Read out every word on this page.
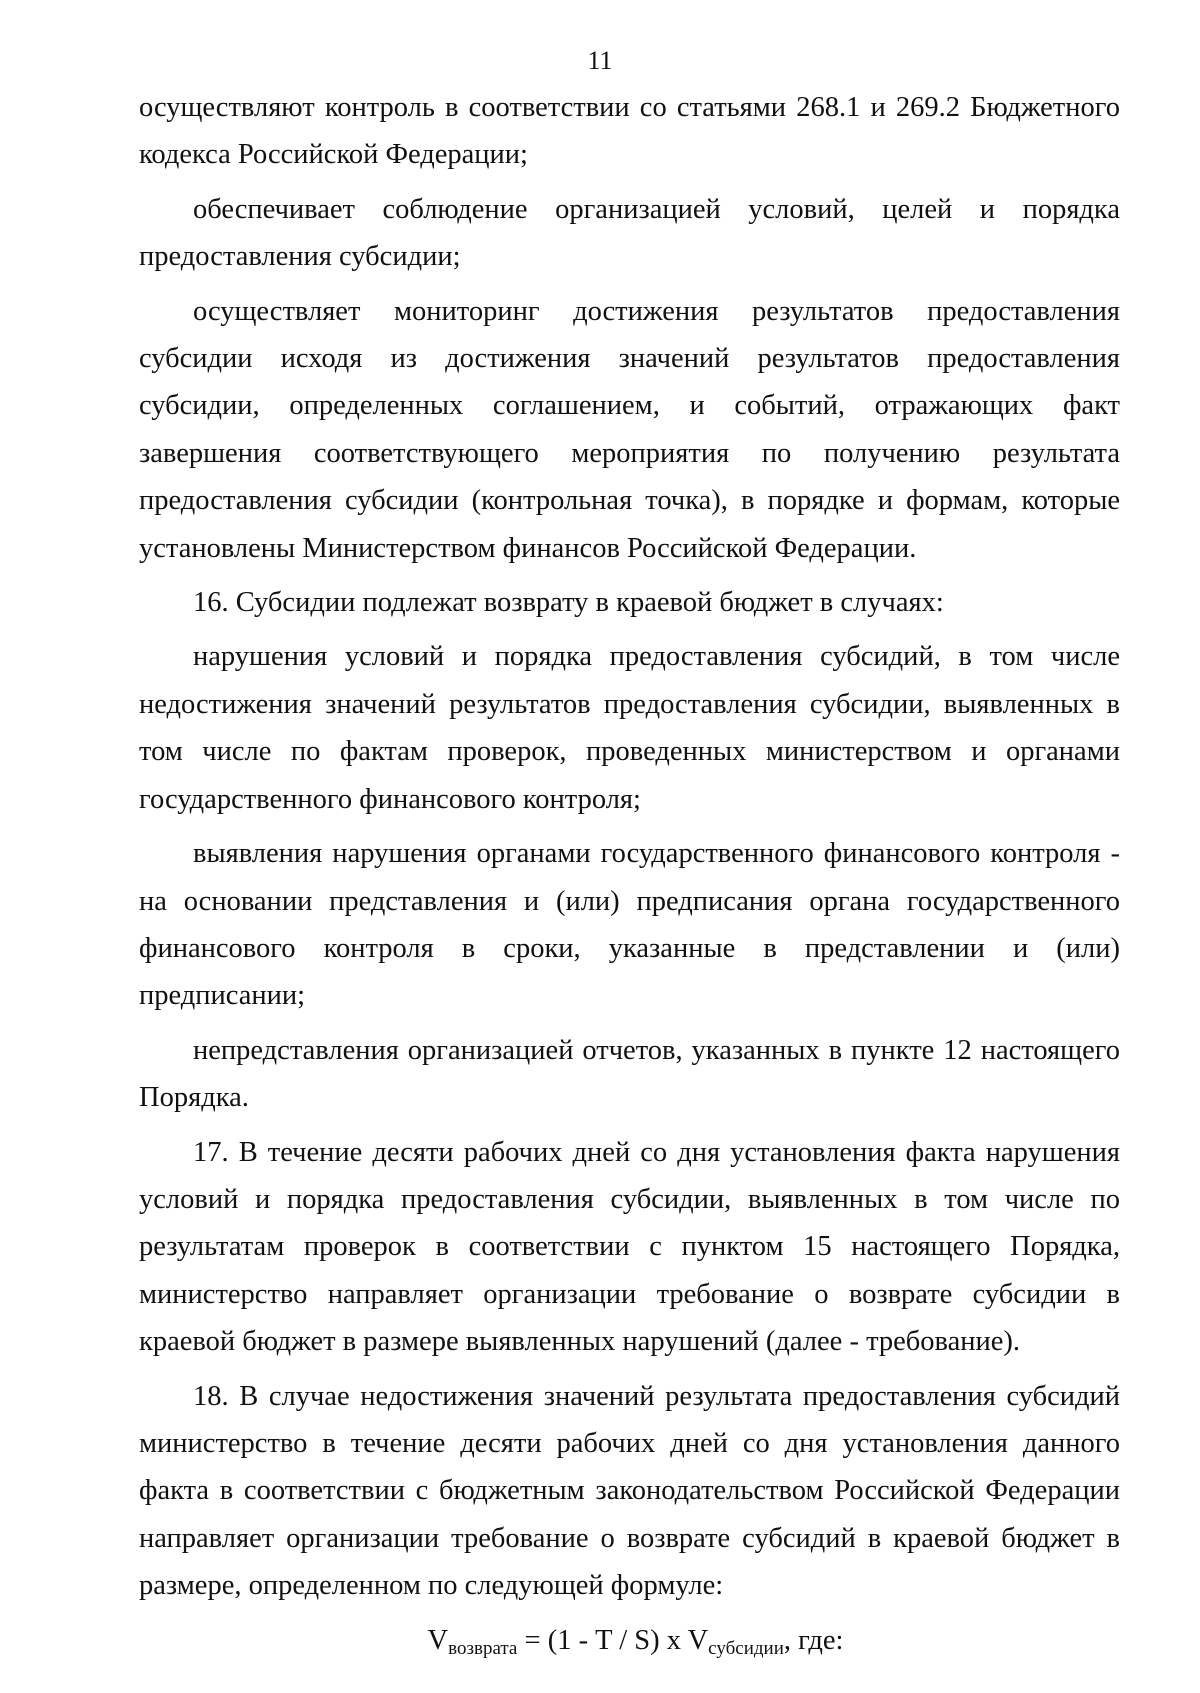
11

осуществляют контроль в соответствии со статьями 268.1 и 269.2 Бюджетного кодекса Российской Федерации;

обеспечивает соблюдение организацией условий, целей и порядка предоставления субсидии;

осуществляет мониторинг достижения результатов предоставления субсидии исходя из достижения значений результатов предоставления субсидии, определенных соглашением, и событий, отражающих факт завершения соответствующего мероприятия по получению результата предоставления субсидии (контрольная точка), в порядке и формам, которые установлены Министерством финансов Российской Федерации.

16. Субсидии подлежат возврату в краевой бюджет в случаях:

нарушения условий и порядка предоставления субсидий, в том числе недостижения значений результатов предоставления субсидии, выявленных в том числе по фактам проверок, проведенных министерством и органами государственного финансового контроля;

выявления нарушения органами государственного финансового контроля - на основании представления и (или) предписания органа государственного финансового контроля в сроки, указанные в представлении и (или) предписании;

непредставления организацией отчетов, указанных в пункте 12 настоящего Порядка.

17. В течение десяти рабочих дней со дня установления факта нарушения условий и порядка предоставления субсидии, выявленных в том числе по результатам проверок в соответствии с пунктом 15 настоящего Порядка, министерство направляет организации требование о возврате субсидии в краевой бюджет в размере выявленных нарушений (далее - требование).

18. В случае недостижения значений результата предоставления субсидий министерство в течение десяти рабочих дней со дня установления данного факта в соответствии с бюджетным законодательством Российской Федерации направляет организации требование о возврате субсидий в краевой бюджет в размере, определенном по следующей формуле:

$V_{возврата} = (1 - T / S)$ x $V_{субсидии}$, где:
